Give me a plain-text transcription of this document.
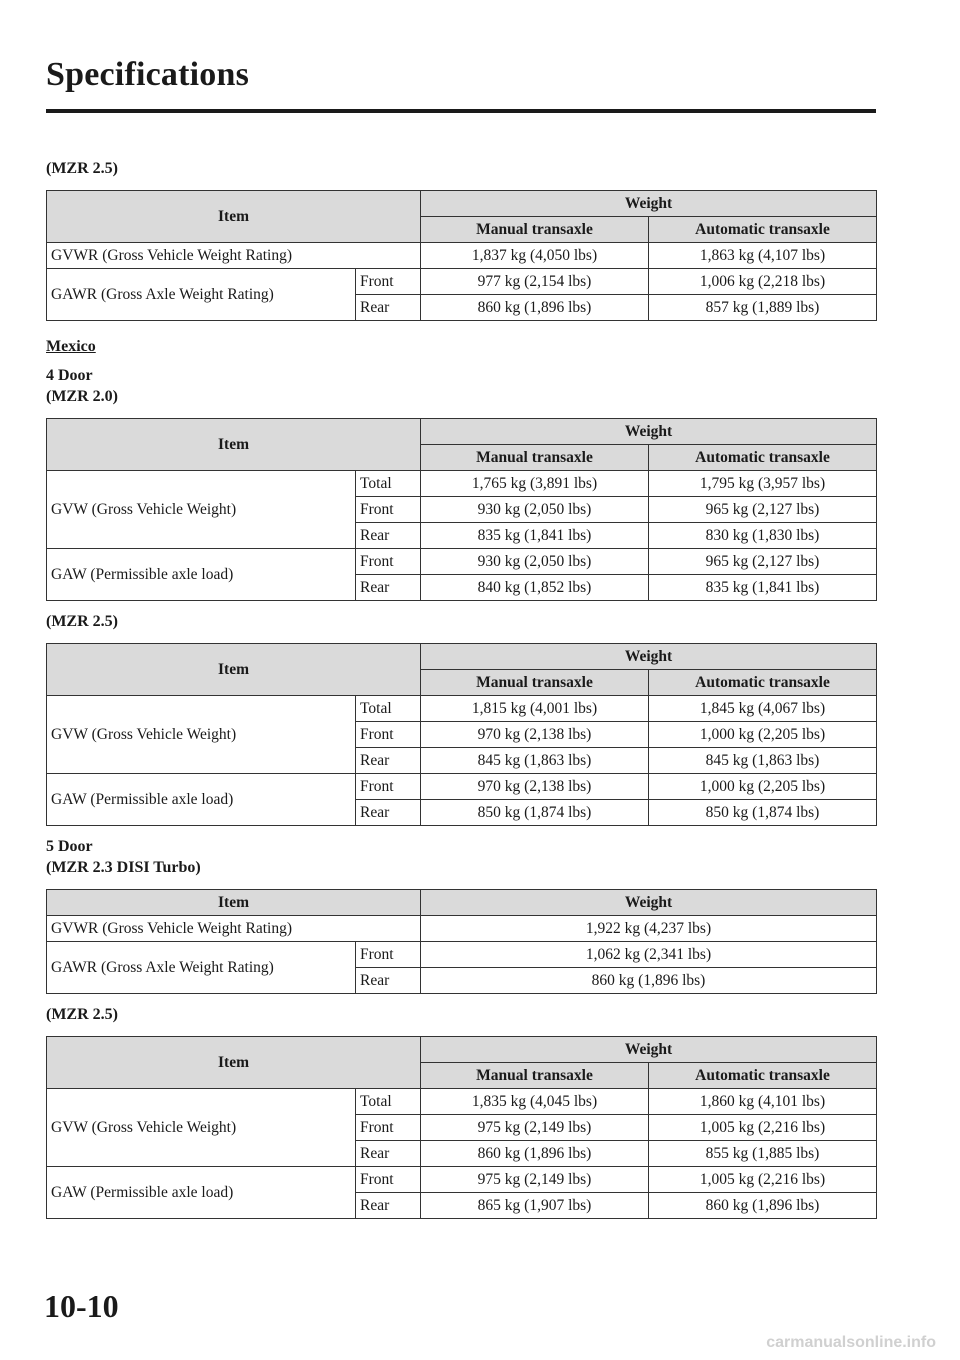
Specifications

(MZR 2.5)

Item		Weight	
		Manual transaxle	Automatic transaxle
GVWR (Gross Vehicle Weight Rating)		1,837 kg (4,050 lbs)	1,863 kg (4,107 lbs)
GAWR (Gross Axle Weight Rating)	Front	977 kg (2,154 lbs)	1,006 kg (2,218 lbs)
	Rear	860 kg (1,896 lbs)	857 kg (1,889 lbs)

Mexico

4 Door

(MZR 2.0)

Item		Weight	
		Manual transaxle	Automatic transaxle
GVW (Gross Vehicle Weight)	Total	1,765 kg (3,891 lbs)	1,795 kg (3,957 lbs)
	Front	930 kg (2,050 lbs)	965 kg (2,127 lbs)
	Rear	835 kg (1,841 lbs)	830 kg (1,830 lbs)
GAW (Permissible axle load)	Front	930 kg (2,050 lbs)	965 kg (2,127 lbs)
	Rear	840 kg (1,852 lbs)	835 kg (1,841 lbs)

(MZR 2.5)

Item		Weight	
		Manual transaxle	Automatic transaxle
GVW (Gross Vehicle Weight)	Total	1,815 kg (4,001 lbs)	1,845 kg (4,067 lbs)
	Front	970 kg (2,138 lbs)	1,000 kg (2,205 lbs)
	Rear	845 kg (1,863 lbs)	845 kg (1,863 lbs)
GAW (Permissible axle load)	Front	970 kg (2,138 lbs)	1,000 kg (2,205 lbs)
	Rear	850 kg (1,874 lbs)	850 kg (1,874 lbs)

5 Door

(MZR 2.3 DISI Turbo)

Item		Weight
GVWR (Gross Vehicle Weight Rating)		1,922 kg (4,237 lbs)
GAWR (Gross Axle Weight Rating)	Front	1,062 kg (2,341 lbs)
	Rear	860 kg (1,896 lbs)

(MZR 2.5)

Item		Weight	
		Manual transaxle	Automatic transaxle
GVW (Gross Vehicle Weight)	Total	1,835 kg (4,045 lbs)	1,860 kg (4,101 lbs)
	Front	975 kg (2,149 lbs)	1,005 kg (2,216 lbs)
	Rear	860 kg (1,896 lbs)	855 kg (1,885 lbs)
GAW (Permissible axle load)	Front	975 kg (2,149 lbs)	1,005 kg (2,216 lbs)
	Rear	865 kg (1,907 lbs)	860 kg (1,896 lbs)
10-10
carmanualsonline.info
